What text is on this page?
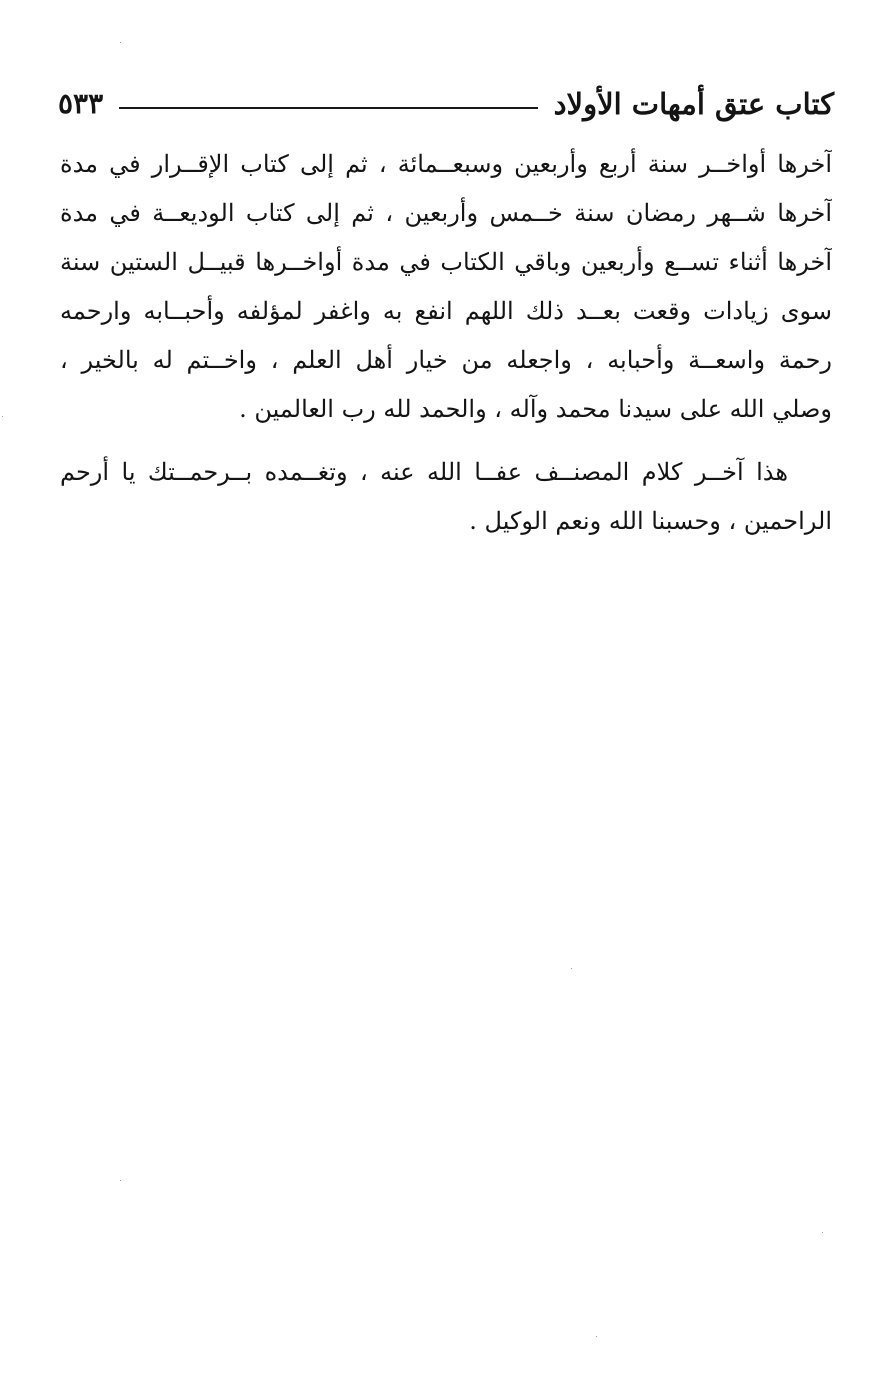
كتاب عتق أمهات الأولاد
٥٣٣
آخرها أواخــر سنة أربع وأربعين وسبعــمائة ، ثم إلى كتاب الإقــرار في مدة
آخرها شــهر رمضان سنة خــمس وأربعين ، ثم إلى كتاب الوديعــة في مدة
آخرها أثناء تســع وأربعين وباقي الكتاب في مدة أواخــرها قبيــل الستين سنة
سوى زيادات وقعت بعــد ذلك اللهم انفع به واغفر لمؤلفه وأحبــابه وارحمه
رحمة واسعــة وأحبابه ، واجعله من خيار أهل العلم ، واخــتم له بالخير ،
وصلي الله على سيدنا محمد وآله ، والحمد لله رب العالمين .
هذا آخــر كلام المصنــف عفــا الله عنه ، وتغــمده بــرحمــتك يا أرحم
الراحمين ، وحسبنا الله ونعم الوكيل .
